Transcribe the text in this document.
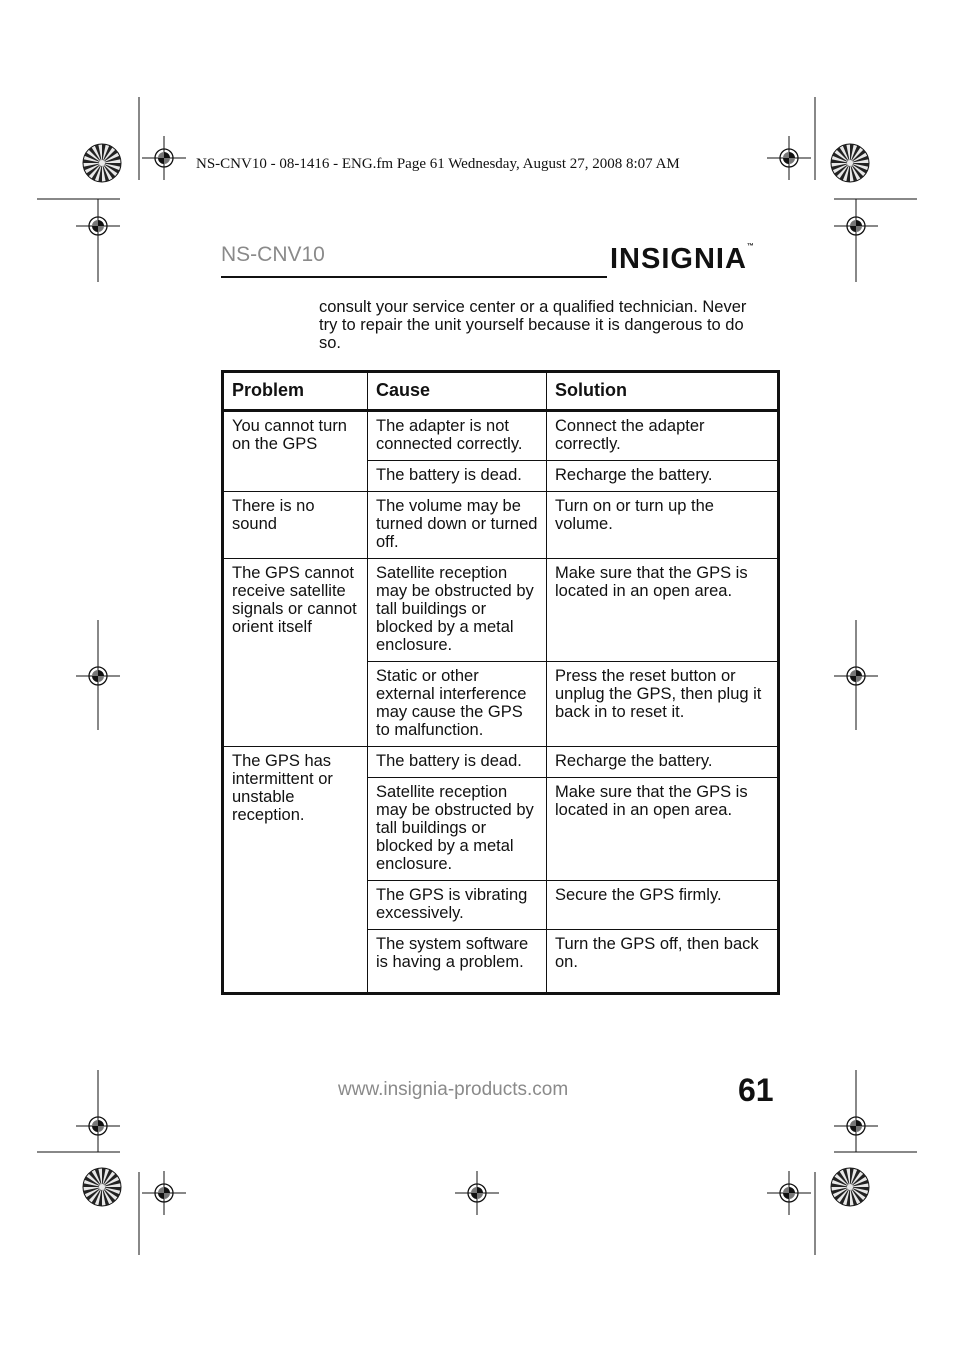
NS-CNV10 - 08-1416 - ENG.fm Page 61 Wednesday, August 27, 2008 8:07 AM
NS-CNV10	INSIGNIA™
consult your service center or a qualified technician. Never try to repair the unit yourself because it is dangerous to do so.
Problem	Cause	Solution
You cannot turn on the GPS	The adapter is not connected correctly.	Connect the adapter correctly.
	The battery is dead.	Recharge the battery.
There is no sound	The volume may be turned down or turned off.	Turn on or turn up the volume.
The GPS cannot receive satellite signals or cannot orient itself	Satellite reception may be obstructed by tall buildings or blocked by a metal enclosure.	Make sure that the GPS is located in an open area.
	Static or other external interference may cause the GPS to malfunction.	Press the reset button or unplug the GPS, then plug it back in to reset it.
The GPS has intermittent or unstable reception.	The battery is dead.	Recharge the battery.
	Satellite reception may be obstructed by tall buildings or blocked by a metal enclosure.	Make sure that the GPS is located in an open area.
	The GPS is vibrating excessively.	Secure the GPS firmly.
	The system software is having a problem.	Turn the GPS off, then back on.
www.insignia-products.com	61
